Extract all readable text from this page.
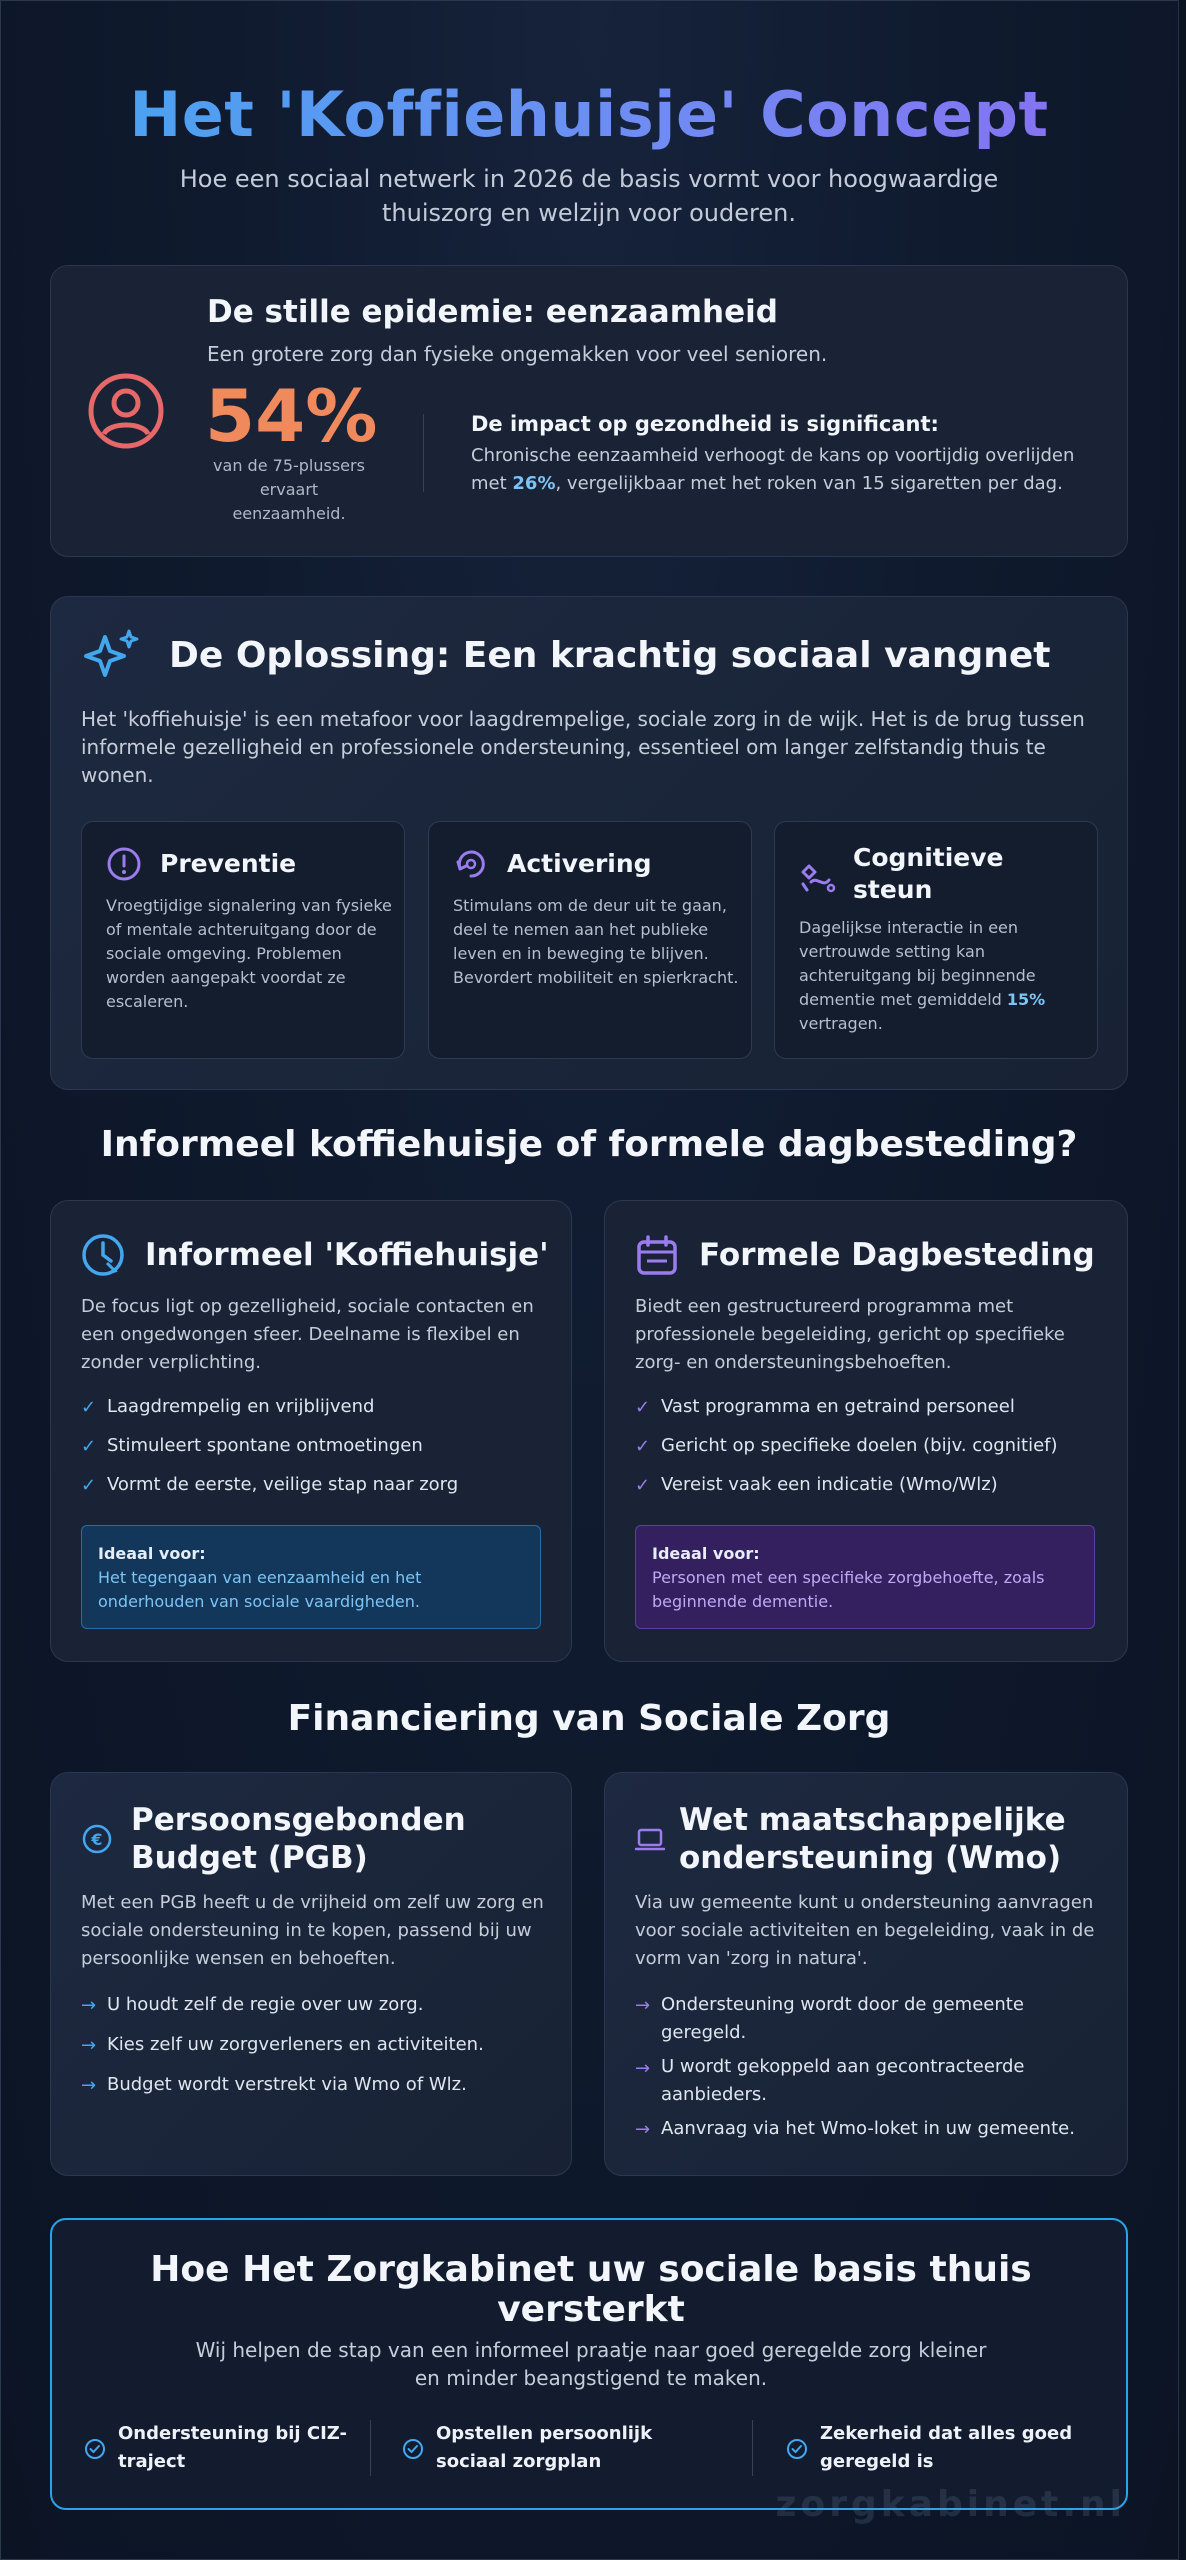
Het 'Koffiehuisje' Concept
Hoe een sociaal netwerk in 2026 de basis vormt voor hoogwaardige thuiszorg en welzijn voor ouderen.
De stille epidemie: eenzaamheid
Een grotere zorg dan fysieke ongemakken voor veel senioren.
54%
van de 75-plussers ervaart eenzaamheid.
De impact op gezondheid is significant:
Chronische eenzaamheid verhoogt de kans op voortijdig overlijden met 26%, vergelijkbaar met het roken van 15 sigaretten per dag.
De Oplossing: Een krachtig sociaal vangnet
Het 'koffiehuisje' is een metafoor voor laagdrempelige, sociale zorg in de wijk. Het is de brug tussen informele gezelligheid en professionele ondersteuning, essentieel om langer zelfstandig thuis te wonen.
Preventie
Vroegtijdige signalering van fysieke of mentale achteruitgang door de sociale omgeving. Problemen worden aangepakt voordat ze escaleren.
Activering
Stimulans om de deur uit te gaan, deel te nemen aan het publieke leven en in beweging te blijven. Bevordert mobiliteit en spierkracht.
Cognitieve steun
Dagelijkse interactie in een vertrouwde setting kan achteruitgang bij beginnende dementie met gemiddeld 15% vertragen.
Informeel koffiehuisje of formele dagbesteding?
Informeel 'Koffiehuisje'
De focus ligt op gezelligheid, sociale contacten en een ongedwongen sfeer. Deelname is flexibel en zonder verplichting.
✓ Laagdrempelig en vrijblijvend
✓ Stimuleert spontane ontmoetingen
✓ Vormt de eerste, veilige stap naar zorg
Ideaal voor:
Het tegengaan van eenzaamheid en het onderhouden van sociale vaardigheden.
Formele Dagbesteding
Biedt een gestructureerd programma met professionele begeleiding, gericht op specifieke zorg- en ondersteuningsbehoeften.
✓ Vast programma en getraind personeel
✓ Gericht op specifieke doelen (bijv. cognitief)
✓ Vereist vaak een indicatie (Wmo/Wlz)
Ideaal voor:
Personen met een specifieke zorgbehoefte, zoals beginnende dementie.
Financiering van Sociale Zorg
€
Persoonsgebonden Budget (PGB)
Met een PGB heeft u de vrijheid om zelf uw zorg en sociale ondersteuning in te kopen, passend bij uw persoonlijke wensen en behoeften.
→ U houdt zelf de regie over uw zorg.
→ Kies zelf uw zorgverleners en activiteiten.
→ Budget wordt verstrekt via Wmo of Wlz.
Wet maatschappelijke ondersteuning (Wmo)
Via uw gemeente kunt u ondersteuning aanvragen voor sociale activiteiten en begeleiding, vaak in de vorm van 'zorg in natura'.
→ Ondersteuning wordt door de gemeente geregeld.
→ U wordt gekoppeld aan gecontracteerde aanbieders.
→ Aanvraag via het Wmo-loket in uw gemeente.
Hoe Het Zorgkabinet uw sociale basis thuis versterkt
Wij helpen de stap van een informeel praatje naar goed geregelde zorg kleiner en minder beangstigend te maken.
Ondersteuning bij CIZ-traject
Opstellen persoonlijk sociaal zorgplan
Zekerheid dat alles goed geregeld is
zorgkabinet.nl
